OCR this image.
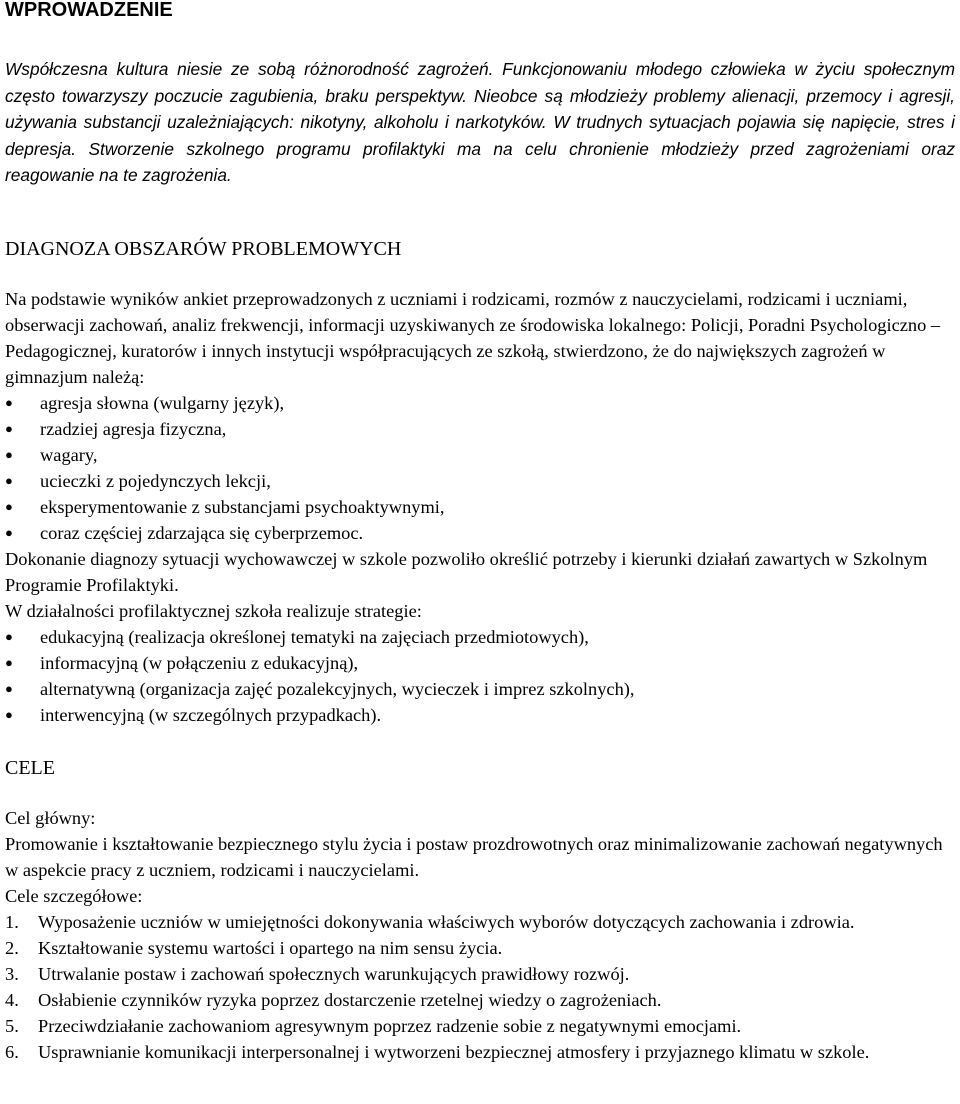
WPROWADZENIE
Współczesna kultura niesie ze sobą różnorodność zagrożeń. Funkcjonowaniu młodego człowieka w życiu społecznym często towarzyszy poczucie zagubienia, braku perspektyw. Nieobce są młodzieży problemy alienacji, przemocy i agresji, używania substancji uzależniających: nikotyny, alkoholu i narkotyków. W trudnych sytuacjach pojawia się napięcie, stres i depresja. Stworzenie szkolnego programu profilaktyki ma na celu chronienie młodzieży przed zagrożeniami oraz reagowanie na te zagrożenia.
DIAGNOZA OBSZARÓW PROBLEMOWYCH
Na podstawie wyników ankiet przeprowadzonych z uczniami i rodzicami, rozmów z nauczycielami, rodzicami i uczniami, obserwacji zachowań, analiz frekwencji, informacji uzyskiwanych ze środowiska lokalnego: Policji, Poradni Psychologiczno – Pedagogicznej, kuratorów i innych instytucji współpracujących ze szkołą, stwierdzono, że do największych zagrożeń w gimnazjum należą:
● agresja słowna (wulgarny język),
● rzadziej agresja fizyczna,
● wagary,
● ucieczki z pojedynczych lekcji,
● eksperymentowanie z substancjami psychoaktywnymi,
● coraz częściej zdarzająca się cyberprzemoc.
Dokonanie diagnozy sytuacji wychowawczej w szkole pozwoliło określić potrzeby i kierunki działań zawartych w Szkolnym Programie Profilaktyki.
W działalności profilaktycznej szkoła realizuje strategie:
● edukacyjną (realizacja określonej tematyki na zajęciach przedmiotowych),
● informacyjną (w połączeniu z edukacyjną),
● alternatywną (organizacja zajęć pozalekcyjnych, wycieczek i imprez szkolnych),
● interwencyjną (w szczególnych przypadkach).
CELE
Cel główny:
Promowanie i kształtowanie bezpiecznego stylu życia i postaw prozdrowotnych oraz minimalizowanie zachowań negatywnych w aspekcie pracy z uczniem, rodzicami i nauczycielami.
Cele szczegółowe:
1. Wyposażenie uczniów w umiejętności dokonywania właściwych wyborów dotyczących zachowania i zdrowia.
2. Kształtowanie systemu wartości i opartego na nim sensu życia.
3. Utrwalanie postaw i zachowań społecznych warunkujących prawidłowy rozwój.
4. Osłabienie czynników ryzyka poprzez dostarczenie rzetelnej wiedzy o zagrożeniach.
5. Przeciwdziałanie zachowaniom agresywnym poprzez radzenie sobie z negatywnymi emocjami.
6. Usprawnianie komunikacji interpersonalnej i wytworzeni bezpiecznej atmosfery i przyjaznego klimatu w szkole.
